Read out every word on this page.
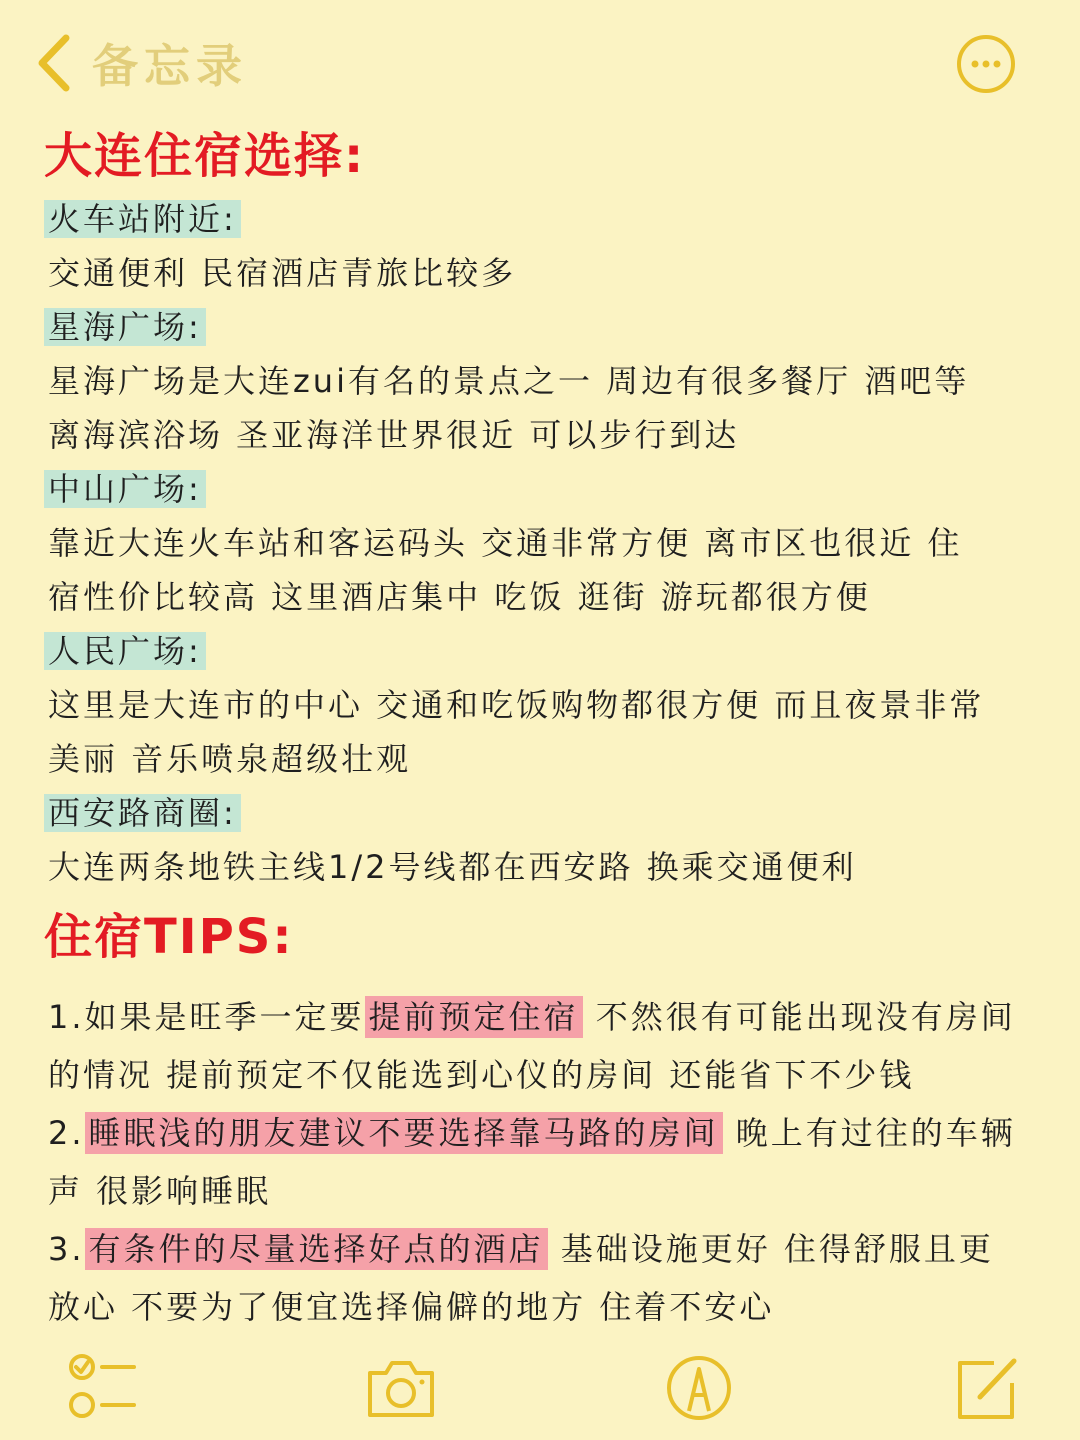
备忘录
大连住宿选择:
火车站附近:
交通便利 民宿酒店青旅比较多
星海广场:
星海广场是大连zui有名的景点之一 周边有很多餐厅 酒吧等
离海滨浴场 圣亚海洋世界很近 可以步行到达
中山广场:
靠近大连火车站和客运码头 交通非常方便 离市区也很近 住
宿性价比较高 这里酒店集中 吃饭 逛街 游玩都很方便
人民广场:
这里是大连市的中心 交通和吃饭购物都很方便 而且夜景非常
美丽 音乐喷泉超级壮观
西安路商圈:
大连两条地铁主线1/2号线都在西安路 换乘交通便利
住宿TIPS:
1.如果是旺季一定要 提前预定住宿 不然很有可能出现没有房间
的情况 提前预定不仅能选到心仪的房间 还能省下不少钱
2. 睡眠浅的朋友建议不要选择靠马路的房间 晚上有过往的车辆
声 很影响睡眠
3. 有条件的尽量选择好点的酒店 基础设施更好 住得舒服且更
放心 不要为了便宜选择偏僻的地方 住着不安心
